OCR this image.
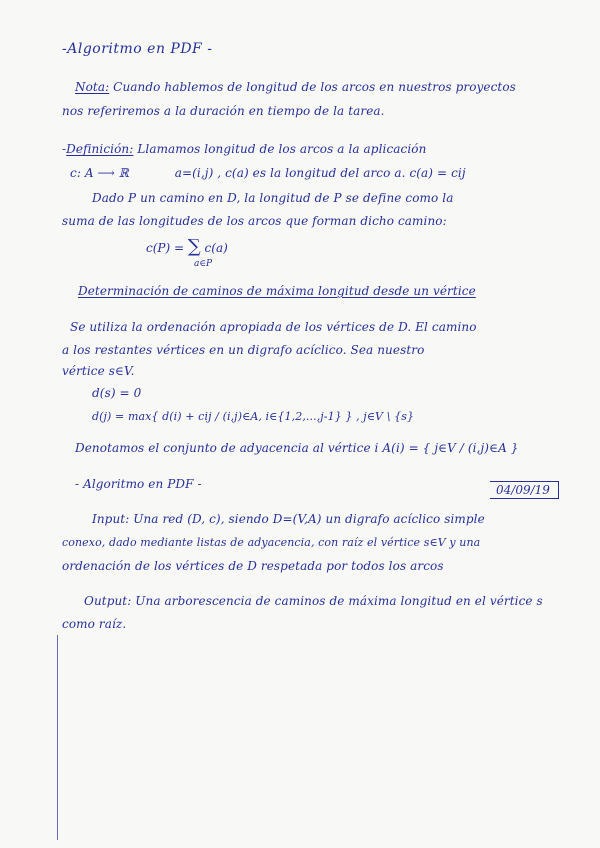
-Algoritmo en PDF -
Nota: Cuando hablemos de longitud de los arcos en nuestros proyectos
nos referiremos a la duración en tiempo de la tarea.
-Definición: Llamamos longitud de los arcos a la aplicación
c: A ⟶ ℝ	a=(i,j) , c(a) es la longitud del arco a. c(a) = cij
Dado P un camino en D, la longitud de P se define como la
suma de las longitudes de los arcos que forman dicho camino:
c(P) = ∑ c(a)
a∈P
Determinación de caminos de máxima longitud desde un vértice
Se utiliza la ordenación apropiada de los vértices de D. El camino
a los restantes vértices en un digrafo acíclico. Sea nuestro
vértice s∈V.
d(s) = 0
d(j) = max{ d(i) + cij / (i,j)∈A, i∈{1,2,...,j-1} } , j∈V \ {s}
Denotamos el conjunto de adyacencia al vértice i A(i) = { j∈V / (i,j)∈A }
- Algoritmo en PDF -	04/09/19
Input: Una red (D, c), siendo D=(V,A) un digrafo acíclico simple
conexo, dado mediante listas de adyacencia, con raíz el vértice s∈V y una
ordenación de los vértices de D respetada por todos los arcos
Output: Una arborescencia de caminos de máxima longitud en el vértice s
como raíz.
